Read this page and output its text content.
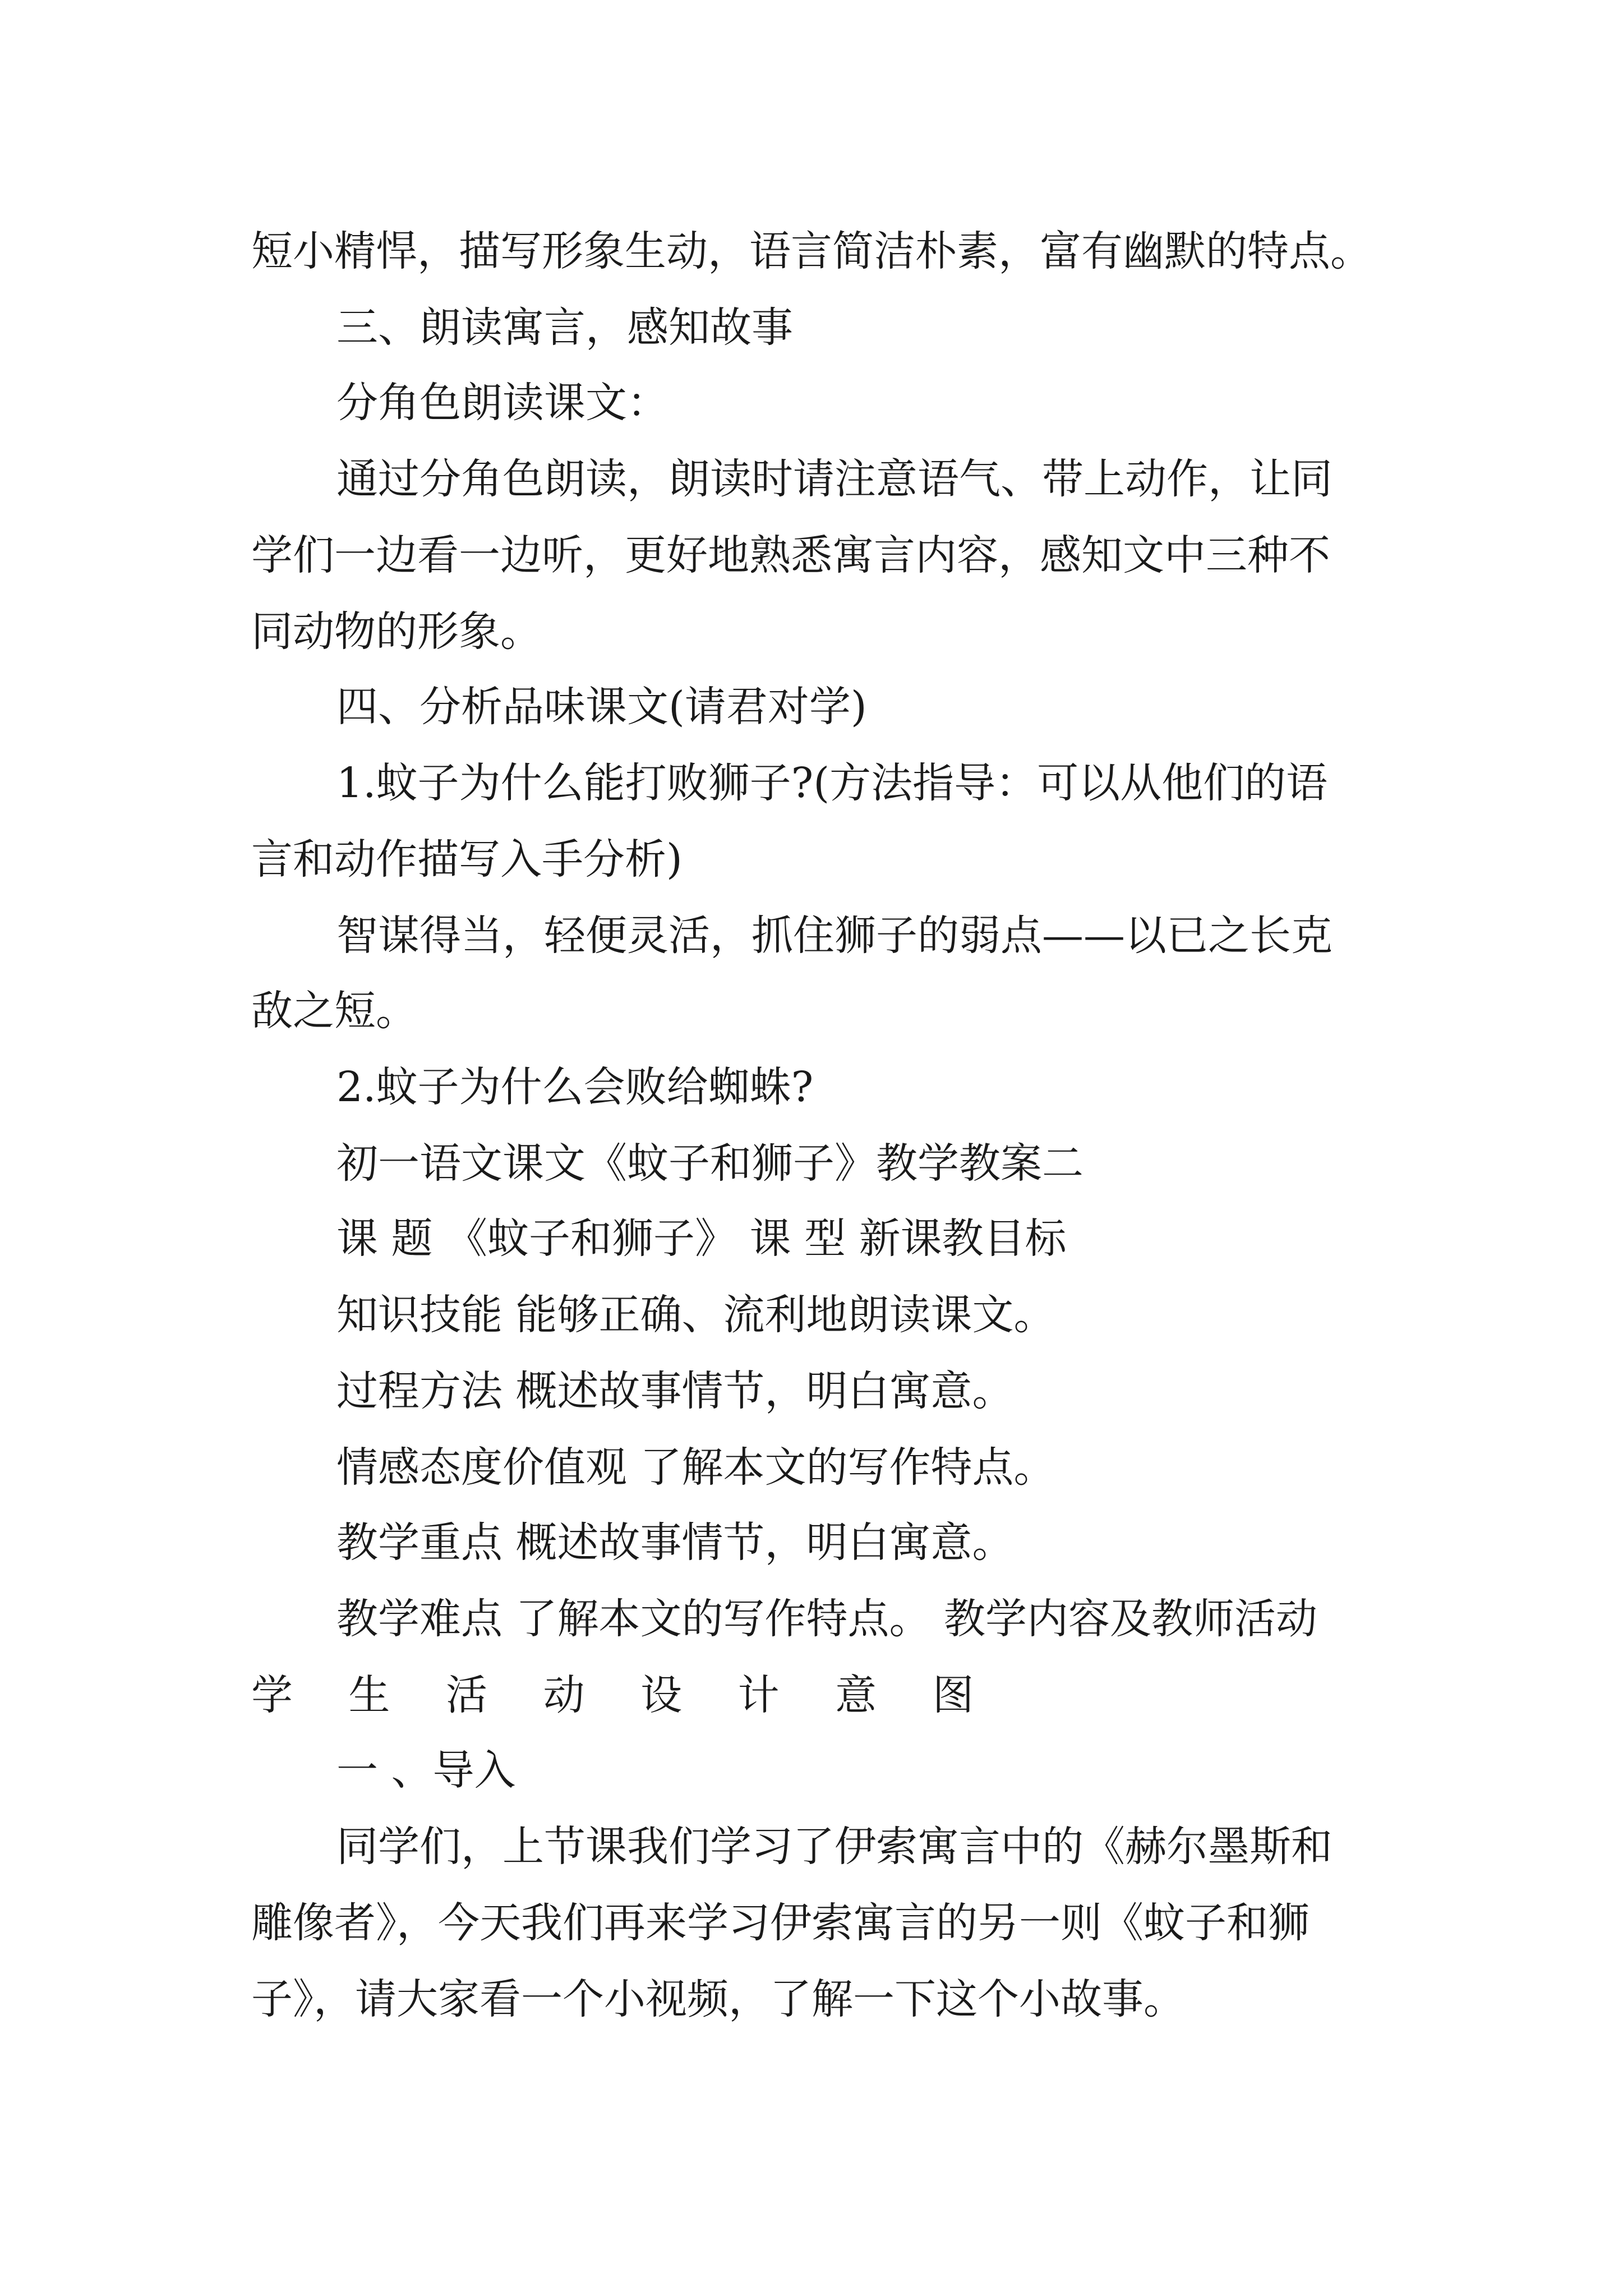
短小精悍，描写形象生动，语言简洁朴素，富有幽默的特点。
三、朗读寓言，感知故事
分角色朗读课文：
通过分角色朗读，朗读时请注意语气、带上动作，让同
学们一边看一边听，更好地熟悉寓言内容，感知文中三种不
同动物的形象。
四、分析品味课文(请君对学)
1.蚊子为什么能打败狮子?(方法指导：可以从他们的语
言和动作描写入手分析)
智谋得当，轻便灵活，抓住狮子的弱点——以已之长克
敌之短。
2.蚊子为什么会败给蜘蛛?
初一语文课文《蚊子和狮子》教学教案二
课 题 《蚊子和狮子》 课 型 新课教目标
知识技能 能够正确、流利地朗读课文。
过程方法 概述故事情节，明白寓意。
情感态度价值观 了解本文的写作特点。
教学重点 概述故事情节，明白寓意。
教学难点 了解本文的写作特点。 教学内容及教师活动
学 生 活 动 设 计 意 图
一 、导入
同学们，上节课我们学习了伊索寓言中的《赫尔墨斯和
雕像者》，今天我们再来学习伊索寓言的另一则《蚊子和狮
子》，请大家看一个小视频，了解一下这个小故事。
